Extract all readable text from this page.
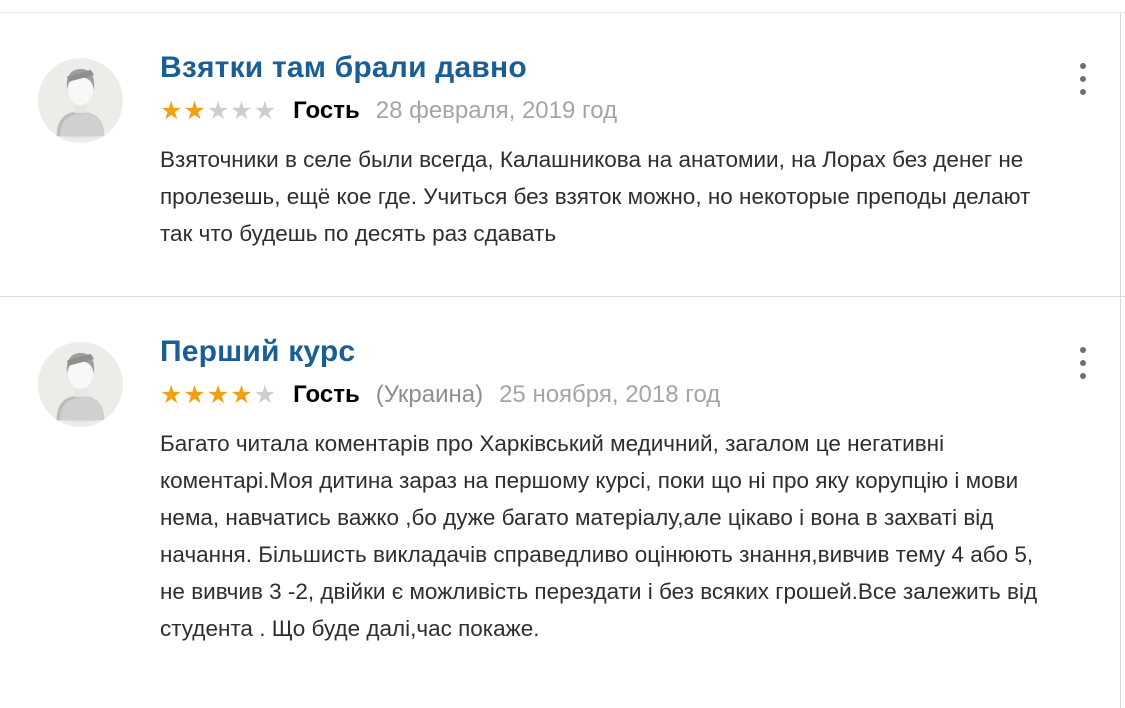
Взятки там брали давно
★★★★★ Гость 28 февраля, 2019 год
Взяточники в селе были всегда, Калашникова на анатомии, на Лорах без денег не пролезешь, ещё кое где. Учиться без взяток можно, но некоторые преподы делают так что будешь по десять раз сдавать
Перший курс
★★★★★ Гость (Украина) 25 ноября, 2018 год
Багато читала коментарів про Харківський медичний, загалом це негативні коментарі.Моя дитина зараз на першому курсі, поки що ні про яку корупцію і мови нема, навчатись важко ,бо дуже багато матеріалу,але цікаво і вона в захваті від начання. Більшисть викладачів справедливо оцінюють знання,вивчив тему 4 або 5, не вивчив 3 -2, двійки є можливість перездати і без всяких грошей.Все залежить від студента . Що буде далі,час покаже.
